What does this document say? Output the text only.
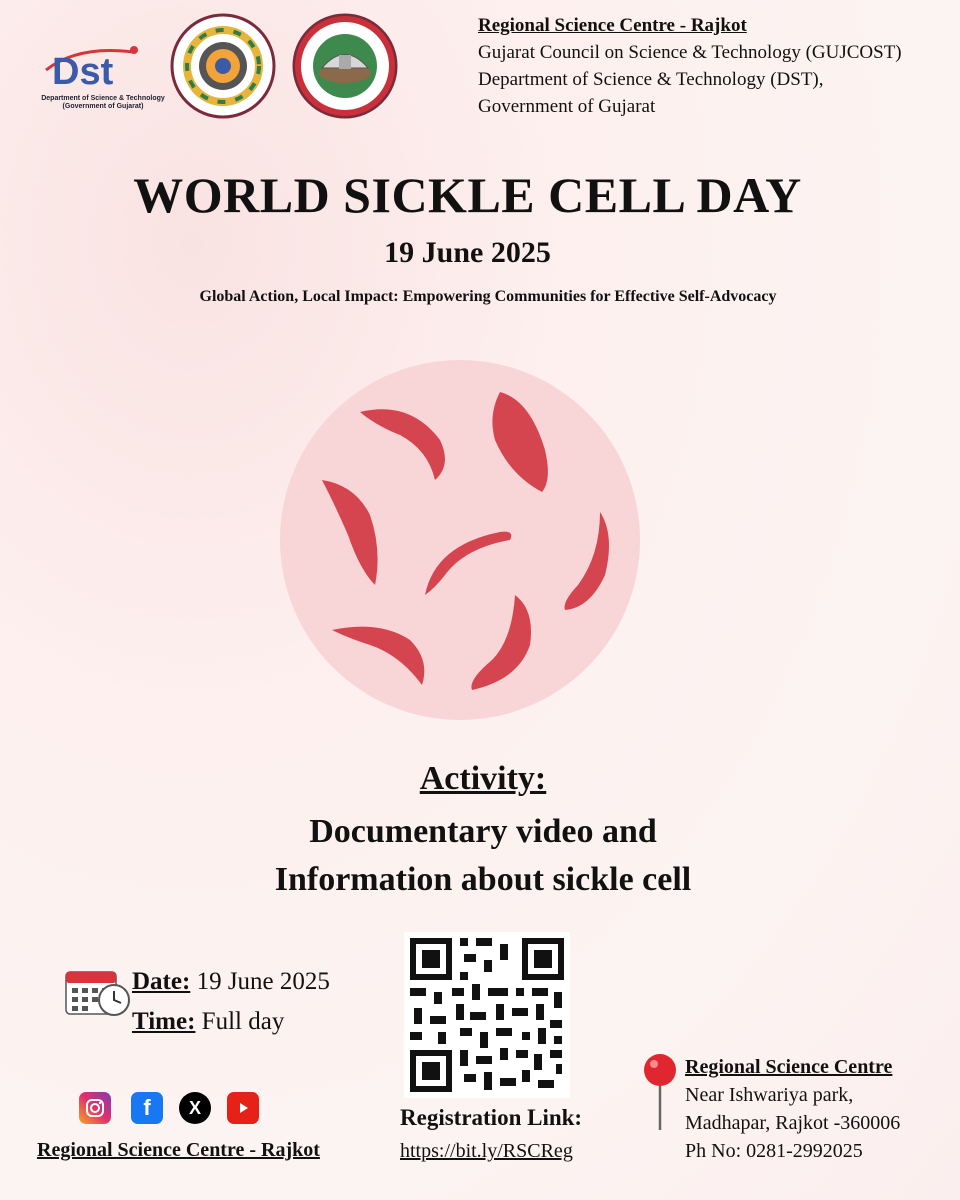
Dst
Department of Science & Technology
(Government of Gujarat)
Regional Science Centre - Rajkot
Gujarat Council on Science & Technology (GUJCOST)
Department of Science & Technology (DST),
Government of Gujarat
WORLD SICKLE CELL DAY
19 June 2025
Global Action, Local Impact: Empowering Communities for Effective Self-Advocacy
Activity:
Documentary video and
Information about sickle cell
Date: 19 June 2025
Time: Full day
Registration Link:
https://bit.ly/RSCReg
f	X
Regional Science Centre - Rajkot
Regional Science Centre
Near Ishwariya park,
Madhapar, Rajkot -360006
Ph No: 0281-2992025
